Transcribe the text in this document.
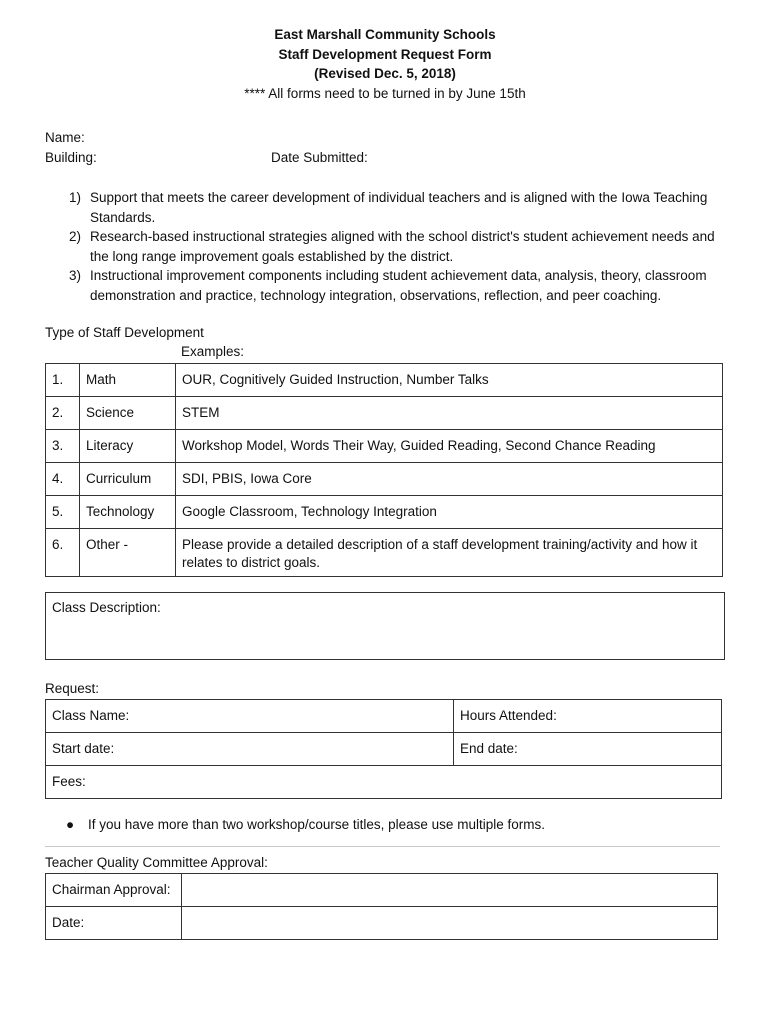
East Marshall Community Schools
Staff Development Request Form
(Revised Dec. 5, 2018)
**** All forms need to be turned in by June 15th
Name:
Building:	Date Submitted:
1) Support that meets the career development of individual teachers and is aligned with the Iowa Teaching Standards.
2) Research-based instructional strategies aligned with the school district's student achievement needs and the long range improvement goals established by the district.
3) Instructional improvement components including student achievement data, analysis, theory, classroom demonstration and practice, technology integration, observations, reflection, and peer coaching.
Type of Staff Development
Examples:
1.	Math	OUR, Cognitively Guided Instruction, Number Talks
2.	Science	STEM
3.	Literacy	Workshop Model, Words Their Way, Guided Reading, Second Chance Reading
4.	Curriculum	SDI, PBIS, Iowa Core
5.	Technology	Google Classroom, Technology Integration
6.	Other -	Please provide a detailed description of a staff development training/activity and how it relates to district goals.
Class Description:
Request:
Class Name:	Hours Attended:
Start date:	End date:
Fees:	
●	If you have more than two workshop/course titles, please use multiple forms.
Teacher Quality Committee Approval:
Chairman Approval:	
Date:	
